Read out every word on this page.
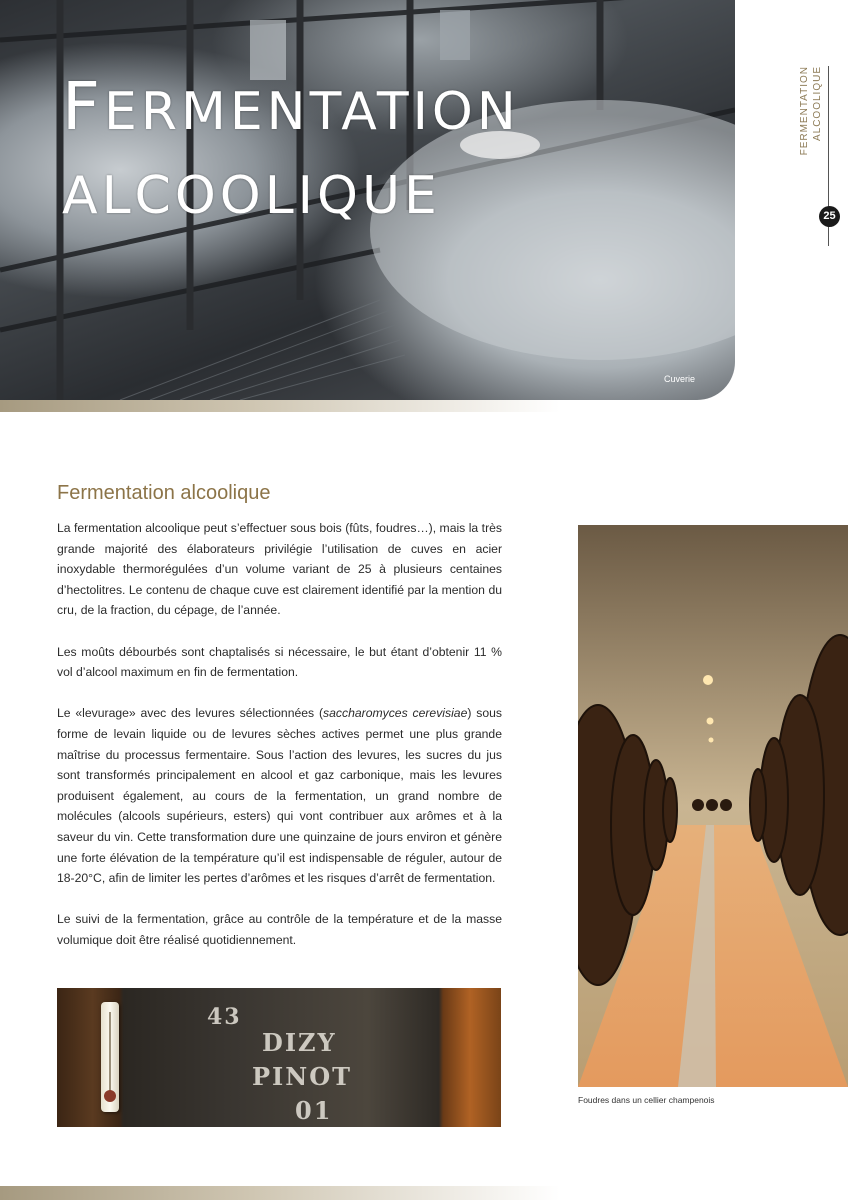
FERMENTATION
ALCOOLIQUE
Cuverie
FERMENTATION ALCOOLIQUE
25
Fermentation alcoolique

La fermentation alcoolique peut s’effectuer sous bois (fûts, foudres…), mais la très grande majorité des élaborateurs privilégie l’utilisation de cuves en acier inoxydable thermorégulées d’un volume variant de 25 à plusieurs centaines d’hectolitres. Le contenu de chaque cuve est clairement identifié par la mention du cru, de la fraction, du cépage, de l’année.

Les moûts débourbés sont chaptalisés si nécessaire, le but étant d’obtenir 11 % vol d’alcool maximum en fin de fermentation.

Le «levurage» avec des levures sélectionnées (saccharomyces cerevisiae) sous forme de levain liquide ou de levures sèches actives permet une plus grande maîtrise du processus fermentaire. Sous l’action des levures, les sucres du jus sont transformés principalement en alcool et gaz carbonique, mais les levures produisent également, au cours de la fermentation, un grand nombre de molécules (alcools supérieurs, esters) qui vont contribuer aux arômes et à la saveur du vin. Cette transformation dure une quinzaine de jours environ et génère une forte élévation de la température qu’il est indispensable de réguler, autour de 18-20°C, afin de limiter les pertes d’arômes et les risques d’arrêt de fermentation.

Le suivi de la fermentation, grâce au contrôle de la température et de la masse volumique doit être réalisé quotidiennement.

43
DIZY
PINOT
01	Foudres dans un cellier champenois
